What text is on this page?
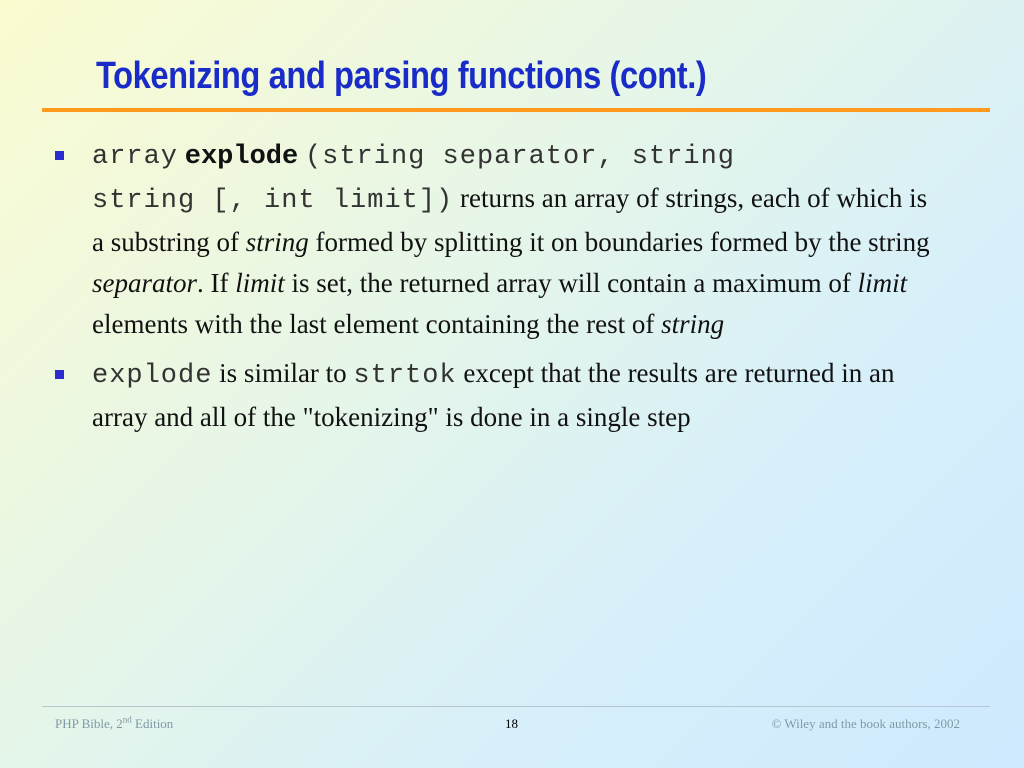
Tokenizing and parsing functions (cont.)
array explode (string separator, string
string [, int limit]) returns an array of strings, each of which is a substring of string formed by splitting it on boundaries formed by the string separator. If limit is set, the returned array will contain a maximum of limit elements with the last element containing the rest of string
explode is similar to strtok except that the results are returned in an array and all of the "tokenizing" is done in a single step
PHP Bible, 2nd Edition	18	© Wiley and the book authors, 2002
